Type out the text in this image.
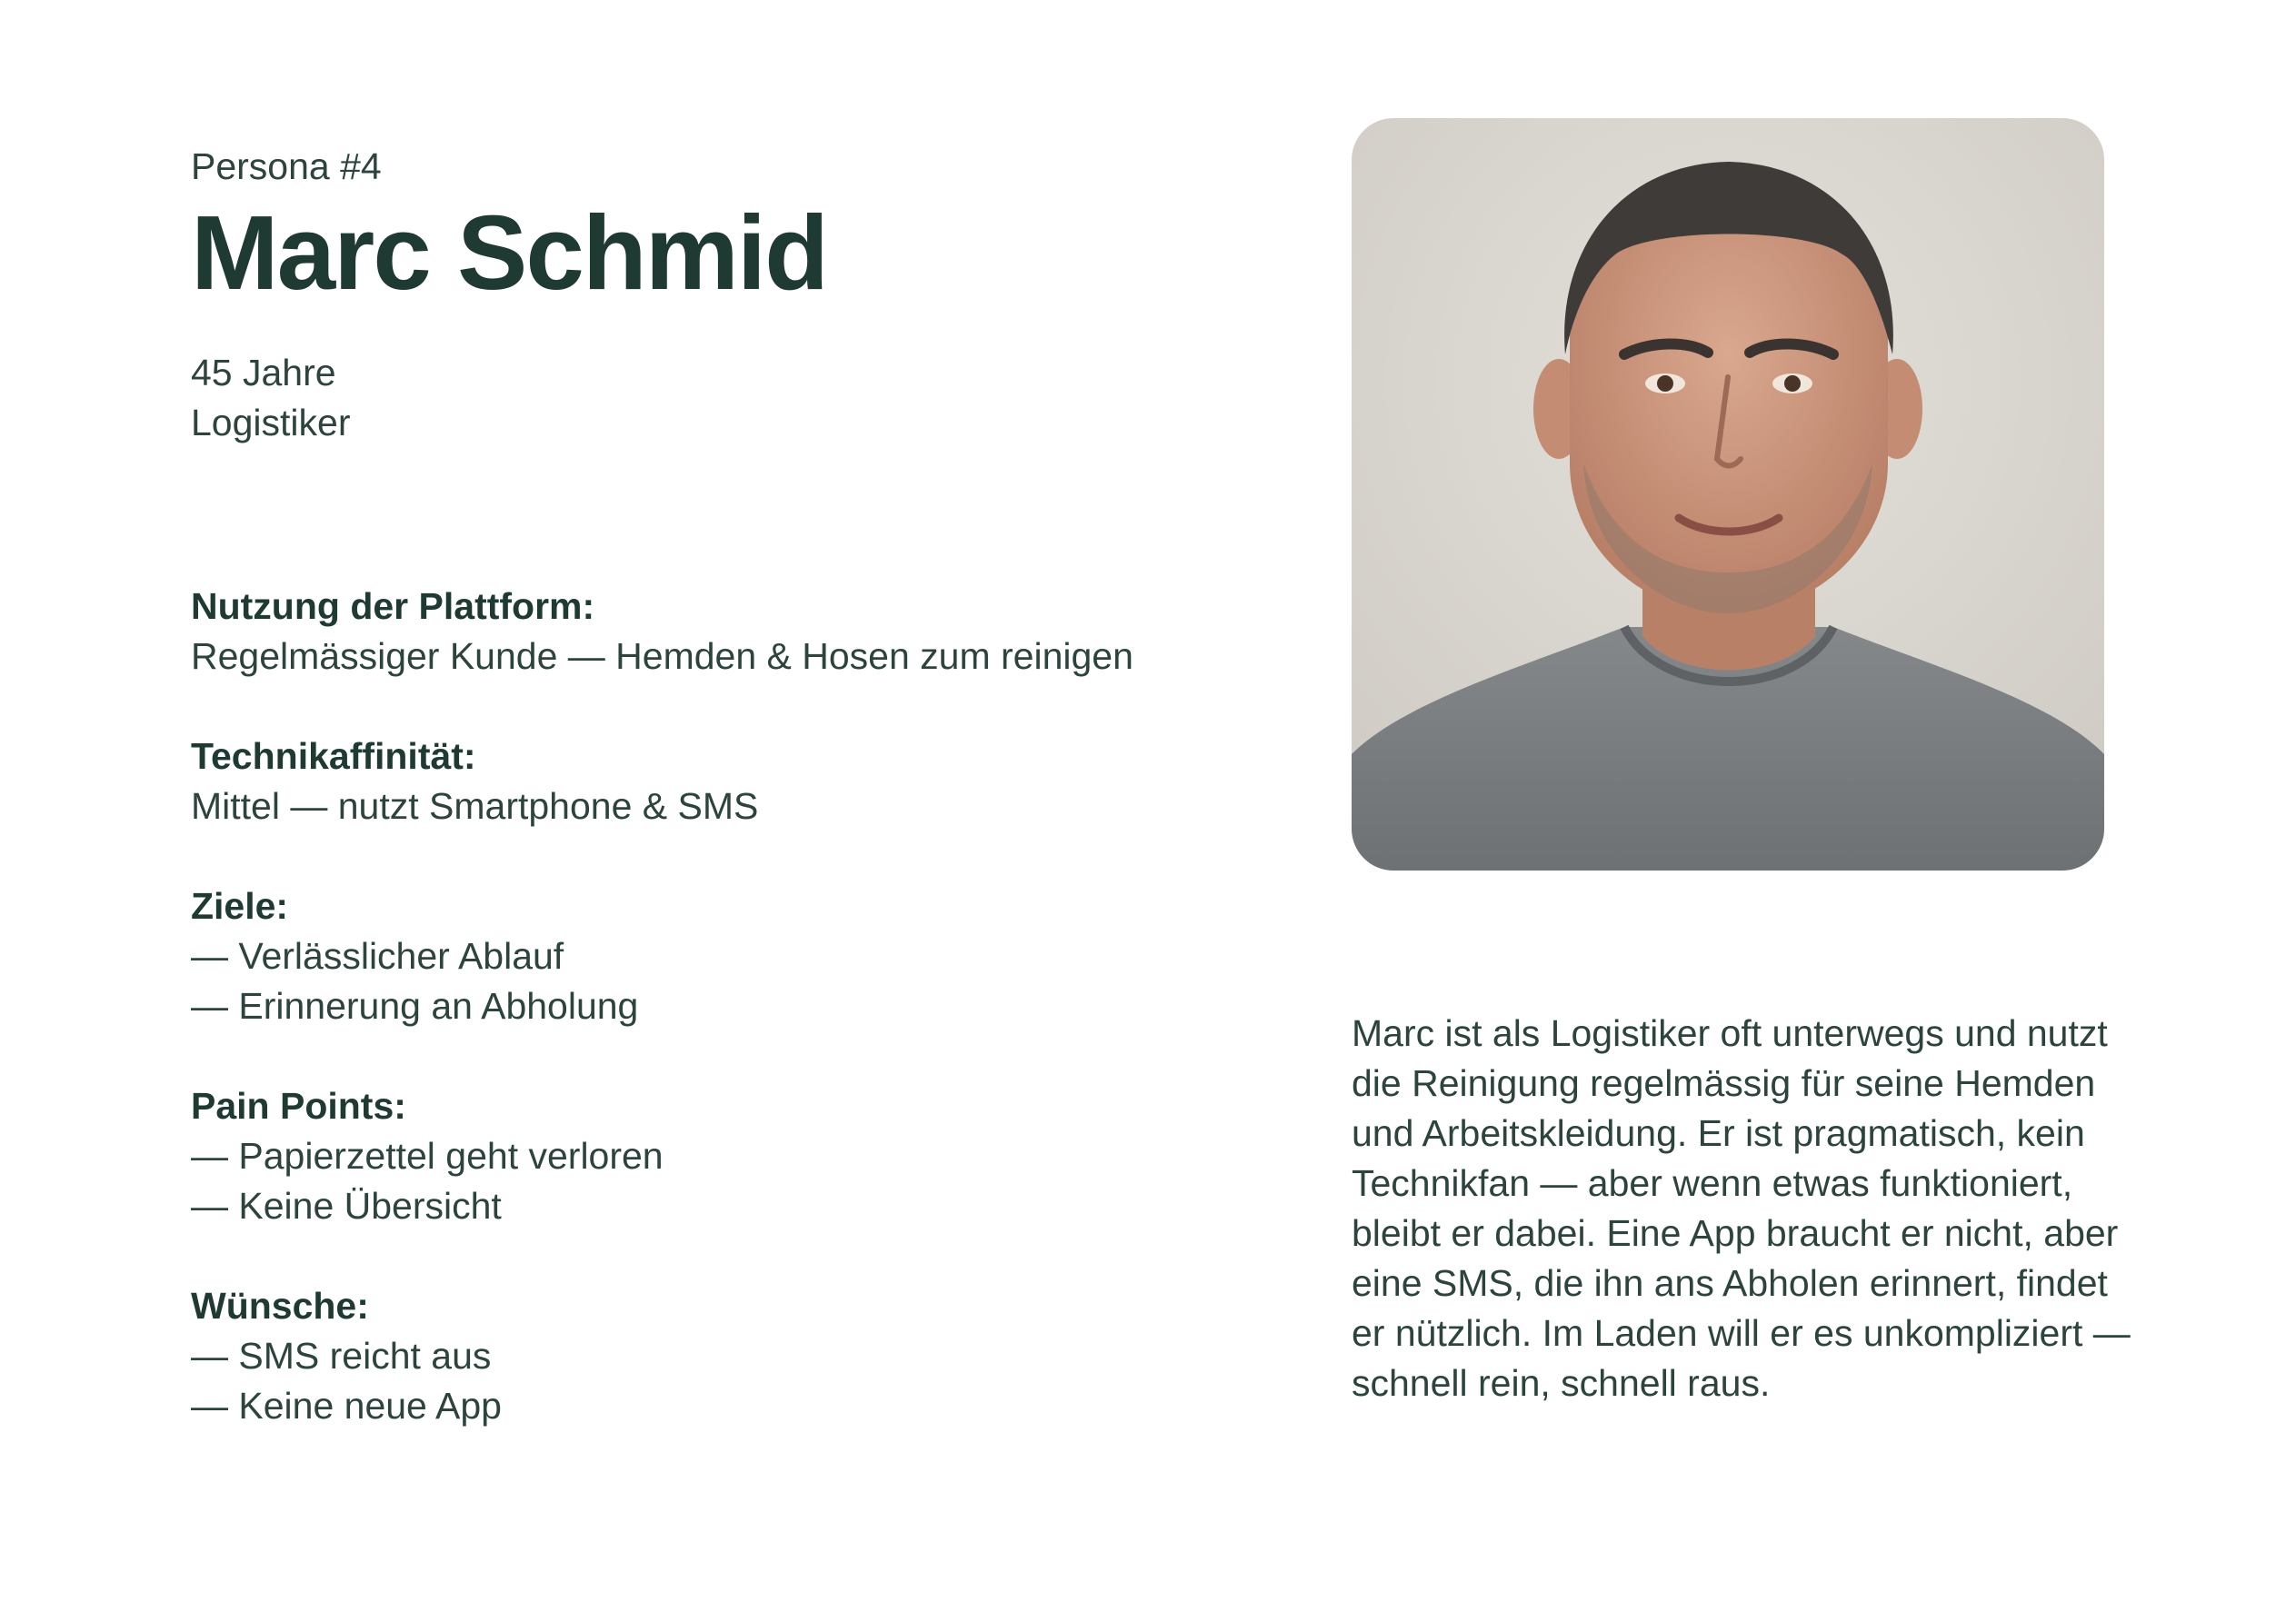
Persona #4
Marc Schmid
45 Jahre
Logistiker
Nutzung der Plattform:
Regelmässiger Kunde — Hemden & Hosen zum reinigen
Technikaffinität:
Mittel — nutzt Smartphone & SMS
Ziele:
— Verlässlicher Ablauf
— Erinnerung an Abholung
Pain Points:
— Papierzettel geht verloren
— Keine Übersicht
Wünsche:
— SMS reicht aus
— Keine neue App
Marc ist als Logistiker oft unterwegs und nutzt
die Reinigung regelmässig für seine Hemden
und Arbeitskleidung. Er ist pragmatisch, kein
Technikfan — aber wenn etwas funktioniert,
bleibt er dabei. Eine App braucht er nicht, aber
eine SMS, die ihn ans Abholen erinnert, findet
er nützlich. Im Laden will er es unkompliziert —
schnell rein, schnell raus.
